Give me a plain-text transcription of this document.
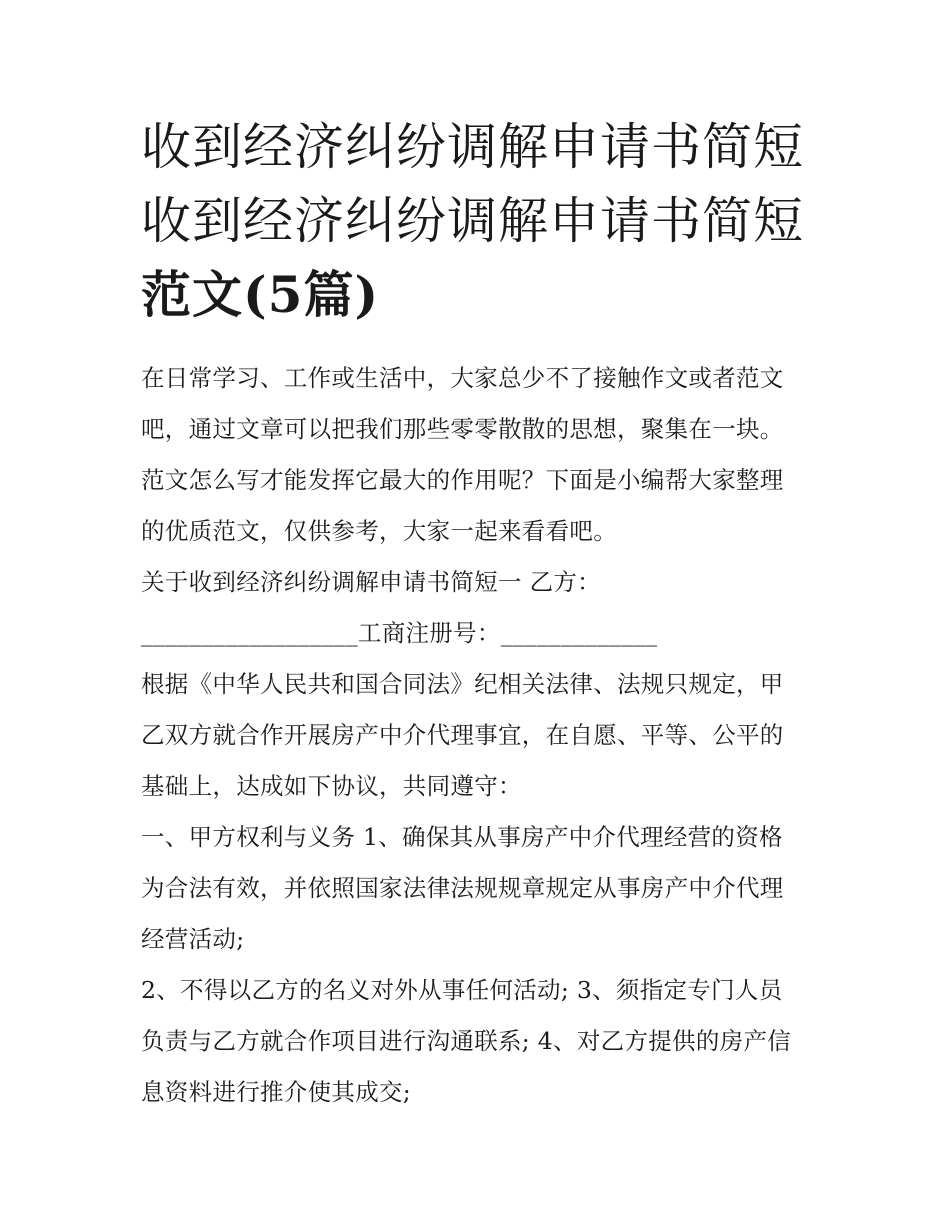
收到经济纠纷调解申请书简短
收到经济纠纷调解申请书简短
范文(5篇)

在日常学习、工作或生活中，大家总少不了接触作文或者范文

吧，通过文章可以把我们那些零零散散的思想，聚集在一块。

范文怎么写才能发挥它最大的作用呢？下面是小编帮大家整理

的优质范文，仅供参考，大家一起来看看吧。

关于收到经济纠纷调解申请书简短一 乙方：

__________________工商注册号：_____________

根据《中华人民共和国合同法》纪相关法律、法规只规定，甲

乙双方就合作开展房产中介代理事宜，在自愿、平等、公平的

基础上，达成如下协议，共同遵守：

一、甲方权利与义务 1、确保其从事房产中介代理经营的资格

为合法有效，并依照国家法律法规规章规定从事房产中介代理

经营活动;

2、不得以乙方的名义对外从事任何活动; 3、须指定专门人员

负责与乙方就合作项目进行沟通联系; 4、对乙方提供的房产信

息资料进行推介使其成交;
